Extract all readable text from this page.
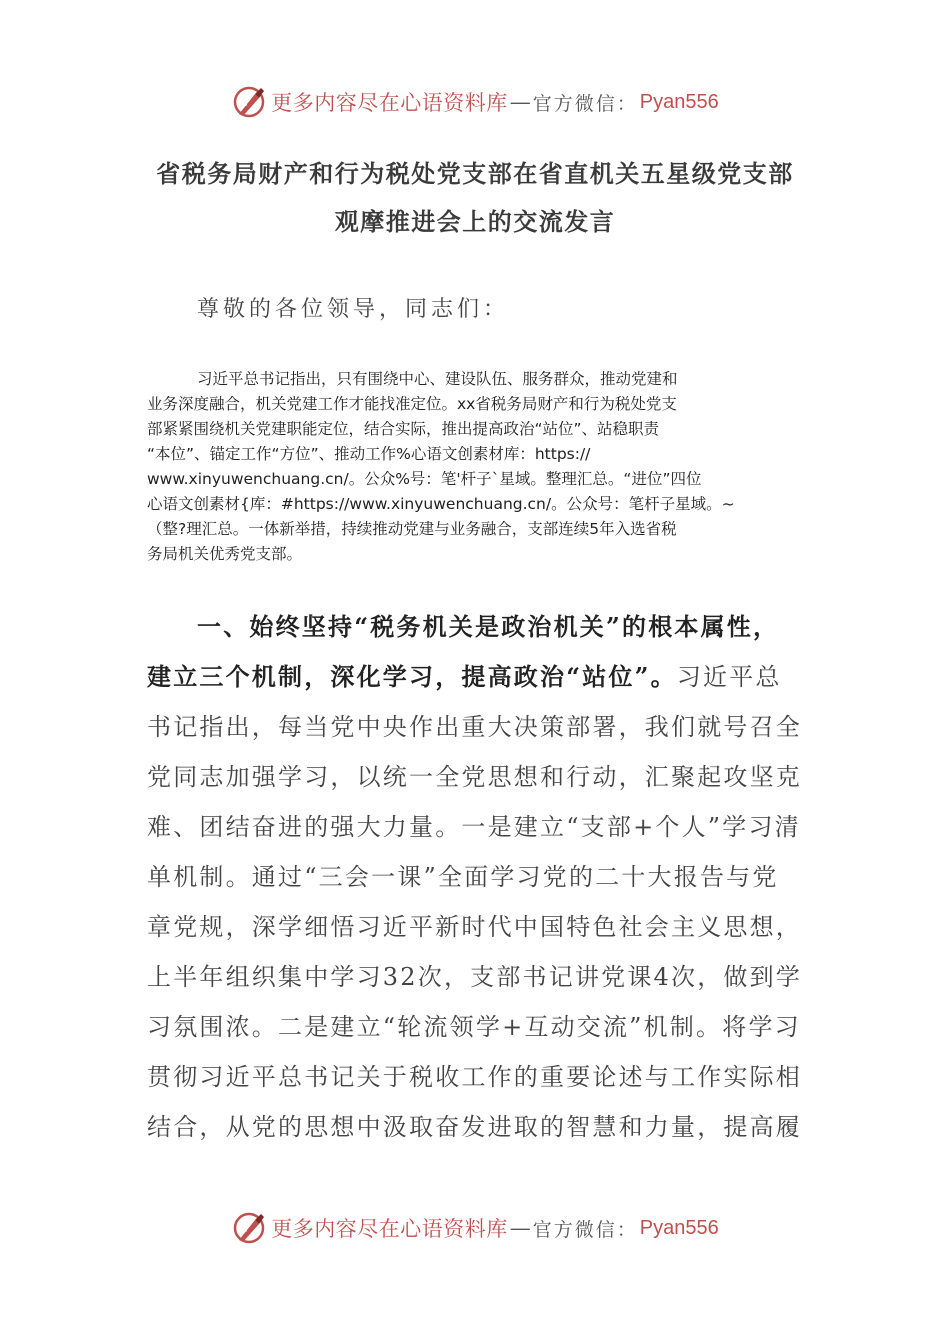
更多内容尽在心语资料库 — 官方微信： Pyan556
省税务局财产和行为税处党支部在省直机关五星级党支部
观摩推进会上的交流发言
尊敬的各位领导，同志们：
习近平总书记指出，只有围绕中心、建设队伍、服务群众，推动党建和
业务深度融合，机关党建工作才能找准定位。xx省税务局财产和行为税处党支
部紧紧围绕机关党建职能定位，结合实际，推出提高政治“站位”、站稳职责
“本位”、锚定工作“方位”、推动工作%心语文创素材库：https://
www.xinyuwenchuang.cn/。公众%号：笔'杆子`星域。整理汇总。“进位”四位
心语文创素材{库：#https://www.xinyuwenchuang.cn/。公众号：笔杆子星域。~
（整?理汇总。一体新举措，持续推动党建与业务融合，支部连续5年入选省税
务局机关优秀党支部。
一、始终坚持“税务机关是政治机关”的根本属性，
建立三个机制，深化学习，提高政治“站位”。习近平总
书记指出，每当党中央作出重大决策部署，我们就号召全
党同志加强学习，以统一全党思想和行动，汇聚起攻坚克
难、团结奋进的强大力量。一是建立“支部+个人”学习清
单机制。通过“三会一课”全面学习党的二十大报告与党
章党规，深学细悟习近平新时代中国特色社会主义思想，
上半年组织集中学习32次，支部书记讲党课4次，做到学
习氛围浓。二是建立“轮流领学+互动交流”机制。将学习
贯彻习近平总书记关于税收工作的重要论述与工作实际相
结合，从党的思想中汲取奋发进取的智慧和力量，提高履
更多内容尽在心语资料库 — 官方微信： Pyan556
